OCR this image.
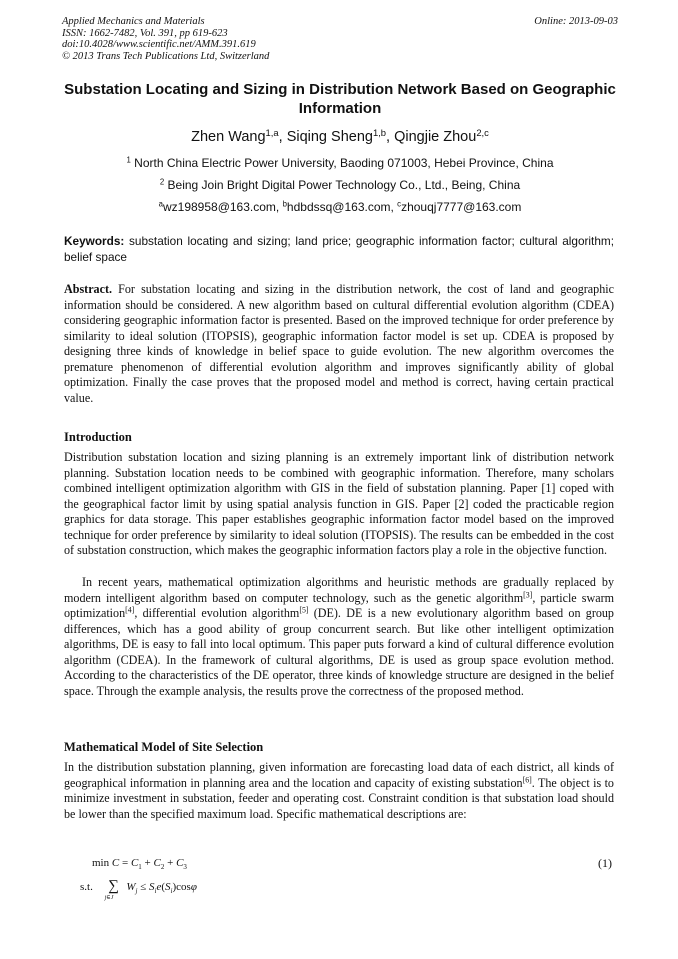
Applied Mechanics and Materials
ISSN: 1662-7482, Vol. 391, pp 619-623
doi:10.4028/www.scientific.net/AMM.391.619
© 2013 Trans Tech Publications Ltd, Switzerland
Online: 2013-09-03
Substation Locating and Sizing in Distribution Network Based on Geographic Information
Zhen Wang$^{1,a}$, Siqing Sheng$^{1,b}$, Qingjie Zhou$^{2,c}$
$^1$ North China Electric Power University, Baoding 071003, Hebei Province, China
$^2$ Being Join Bright Digital Power Technology Co., Ltd., Being, China
$^a$wz198958@163.com, $^b$hdbdssq@163.com, $^c$zhouqj7777@163.com
Keywords: substation locating and sizing; land price; geographic information factor; cultural algorithm; belief space

Abstract. For substation locating and sizing in the distribution network, the cost of land and geographic information should be considered. A new algorithm based on cultural differential evolution algorithm (CDEA) considering geographic information factor is presented. Based on the improved technique for order preference by similarity to ideal solution (ITOPSIS), geographic information factor model is set up. CDEA is proposed by designing three kinds of knowledge in belief space to guide evolution. The new algorithm overcomes the premature phenomenon of differential evolution algorithm and improves significantly ability of global optimization. Finally the case proves that the proposed model and method is correct, having certain practical value.

Introduction

Distribution substation location and sizing planning is an extremely important link of distribution network planning. Substation location needs to be combined with geographic information. Therefore, many scholars combined intelligent optimization algorithm with GIS in the field of substation planning. Paper [1] coped with the geographical factor limit by using spatial analysis function in GIS. Paper [2] coded the practicable region graphics for data storage. This paper establishes geographic information factor model based on the improved technique for order preference by similarity to ideal solution (ITOPSIS). The results can be embedded in the cost of substation construction, which makes the geographic information factors play a role in the objective function.

In recent years, mathematical optimization algorithms and heuristic methods are gradually replaced by modern intelligent algorithm based on computer technology, such as the genetic algorithm[3], particle swarm optimization[4], differential evolution algorithm[5] (DE). DE is a new evolutionary algorithm based on group differences, which has a good ability of group concurrent search. But like other intelligent optimization algorithms, DE is easy to fall into local optimum. This paper puts forward a kind of cultural difference evolution algorithm (CDEA). In the framework of cultural algorithms, DE is used as group space evolution method. According to the characteristics of the DE operator, three kinds of knowledge structure are designed in the belief space. Through the example analysis, the results prove the correctness of the proposed method.

Mathematical Model of Site Selection

In the distribution substation planning, given information are forecasting load data of each district, all kinds of geographical information in planning area and the location and capacity of existing substation[6]. The object is to minimize investment in substation, feeder and operating cost. Constraint condition is that substation load should be lower than the specified maximum load. Specific mathematical descriptions are:

$\min C = C_1 + C_2 + C_3$	(1)
s.t. ∑
j∈J
$W_j \le S_ie(S_i)\cos\varphi$
